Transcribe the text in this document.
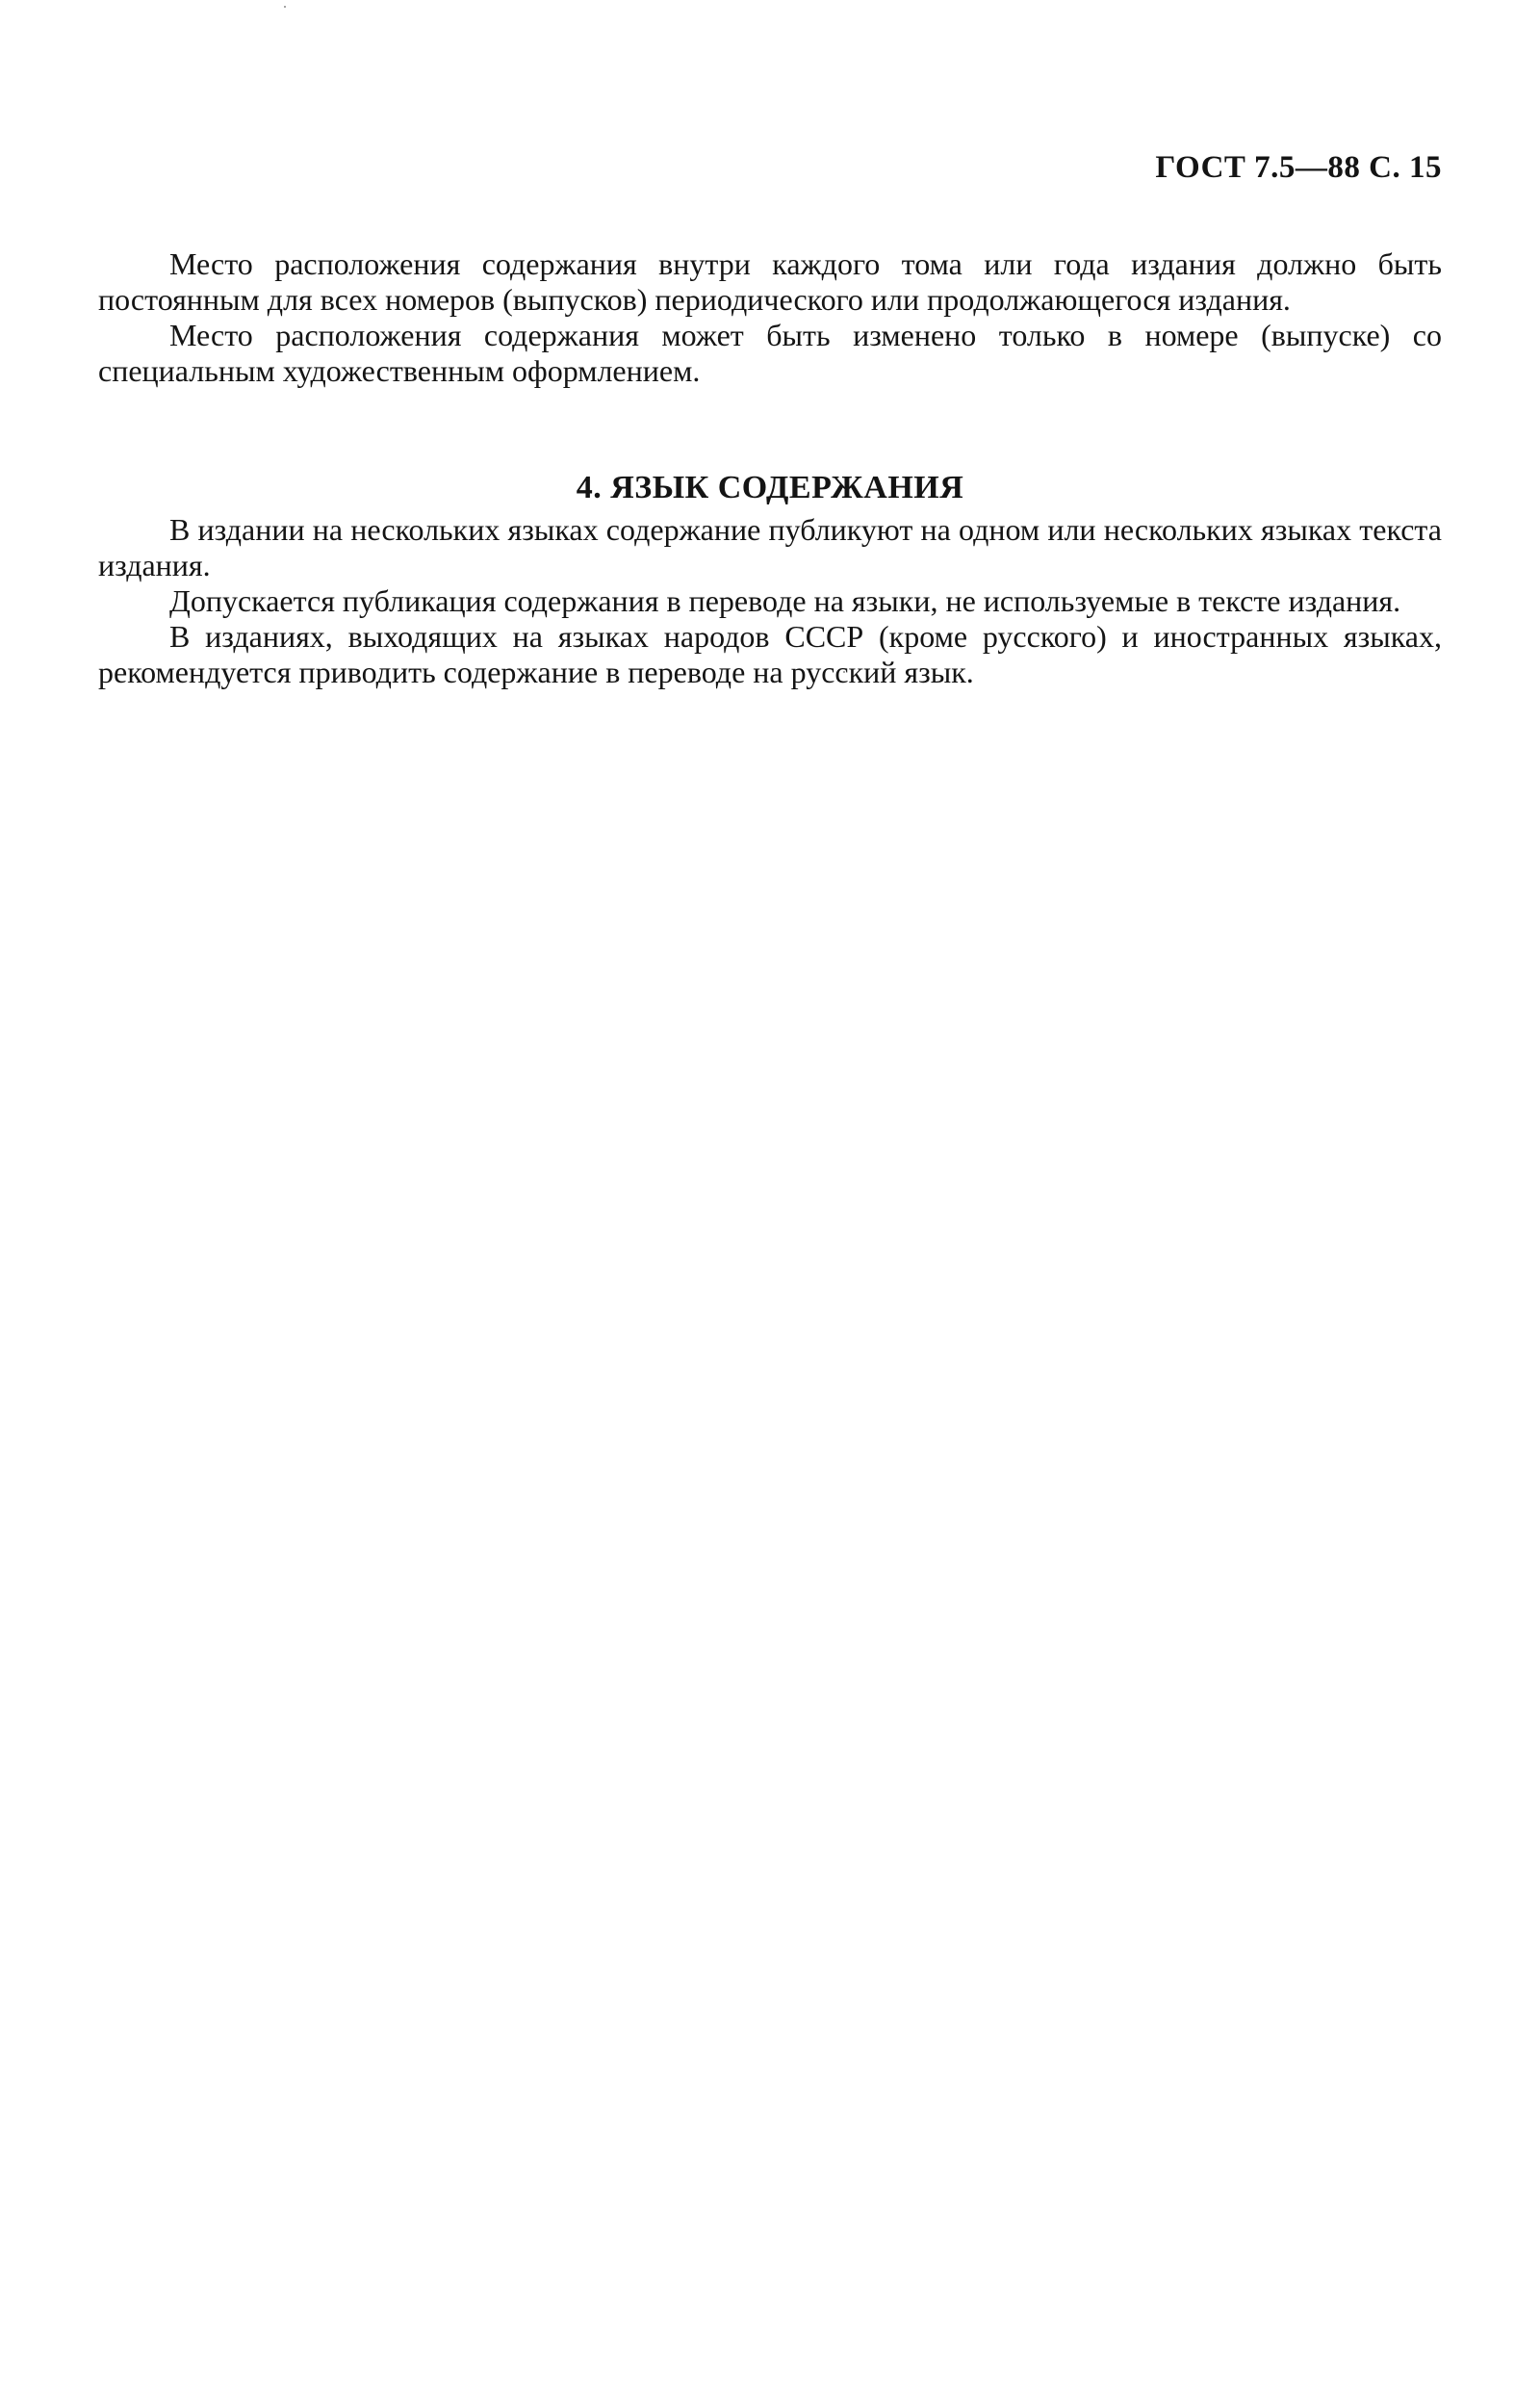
ГОСТ 7.5—88 С. 15

Место расположения содержания внутри каждого тома или года издания должно быть постоянным для всех номеров (выпусков) периодического или продолжающегося издания.

Место расположения содержания может быть изменено только в номере (выпуске) со специальным художественным оформлением.

4. ЯЗЫК СОДЕРЖАНИЯ

В издании на нескольких языках содержание публикуют на одном или нескольких языках текста издания.

Допускается публикация содержания в переводе на языки, не используемые в тексте издания.

В изданиях, выходящих на языках народов СССР (кроме русского) и иностранных языках, рекомендуется приводить содержание в переводе на русский язык.
